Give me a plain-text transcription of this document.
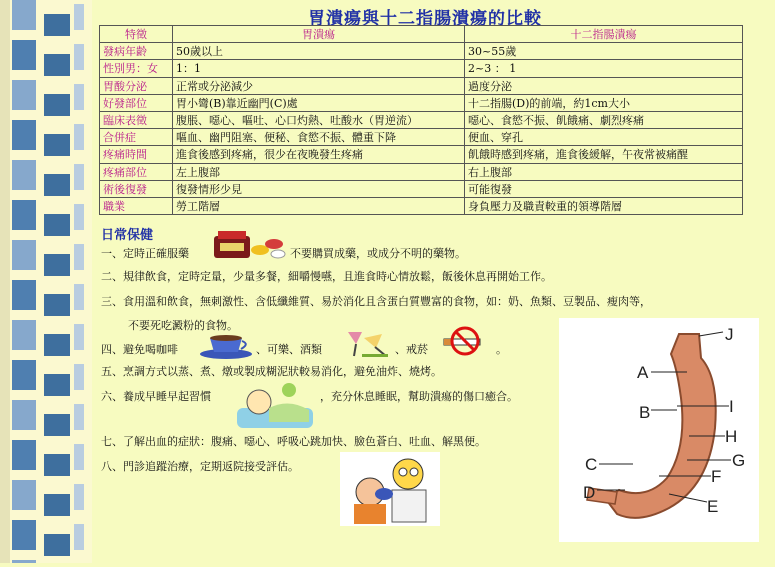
胃潰瘍與十二指腸潰瘍的比較
特徵	胃潰瘍	十二指腸潰瘍
發病年齡	50歲以上	30~55歲
性別男：女	1：1	2~3 ： 1
胃酸分泌	正常或分泌減少	過度分泌
好發部位	胃小彎(B)靠近幽門(C)處	十二指腸(D)的前端，約1cm大小
臨床表徵	腹脹、噁心、嘔吐、心口灼熱、吐酸水（胃逆流）	噁心、食慾不振、飢餓痛、劇烈疼痛
合併症	嘔血、幽門阻塞、便秘、食慾不振、體重下降	便血、穿孔
疼痛時間	進食後感到疼痛，很少在夜晚發生疼痛	飢餓時感到疼痛，進食後緩解，午夜常被痛醒
疼痛部位	左上腹部	右上腹部
術後復發	復發情形少見	可能復發
職業	勞工階層	身負壓力及職責較重的領導階層
日常保健
一、定時正確服藥	不要購買成藥，或成分不明的藥物。
二、規律飲食，定時定量，少量多餐，細嚼慢嚥，且進食時心情放鬆，飯後休息再開始工作。
三、食用溫和飲食，無刺激性、含低纖維質、易於消化且含蛋白質豐富的食物，如：奶、魚類、豆製品、瘦肉等，
不要死吃澱粉的食物。
四、避免喝咖啡	、可樂、酒類	、戒菸	。
五、烹調方式以蒸、煮、燉或製成糊泥狀較易消化，避免油炸、燒烤。
六、養成早睡早起習慣	，充分休息睡眠，幫助潰瘍的傷口癒合。
七、了解出血的症狀：腹痛、噁心、呼吸心跳加快、臉色蒼白、吐血、解黑便。
八、門診追蹤治療，定期返院接受評估。
J
A
B	I
H
G
C
F
D
E
